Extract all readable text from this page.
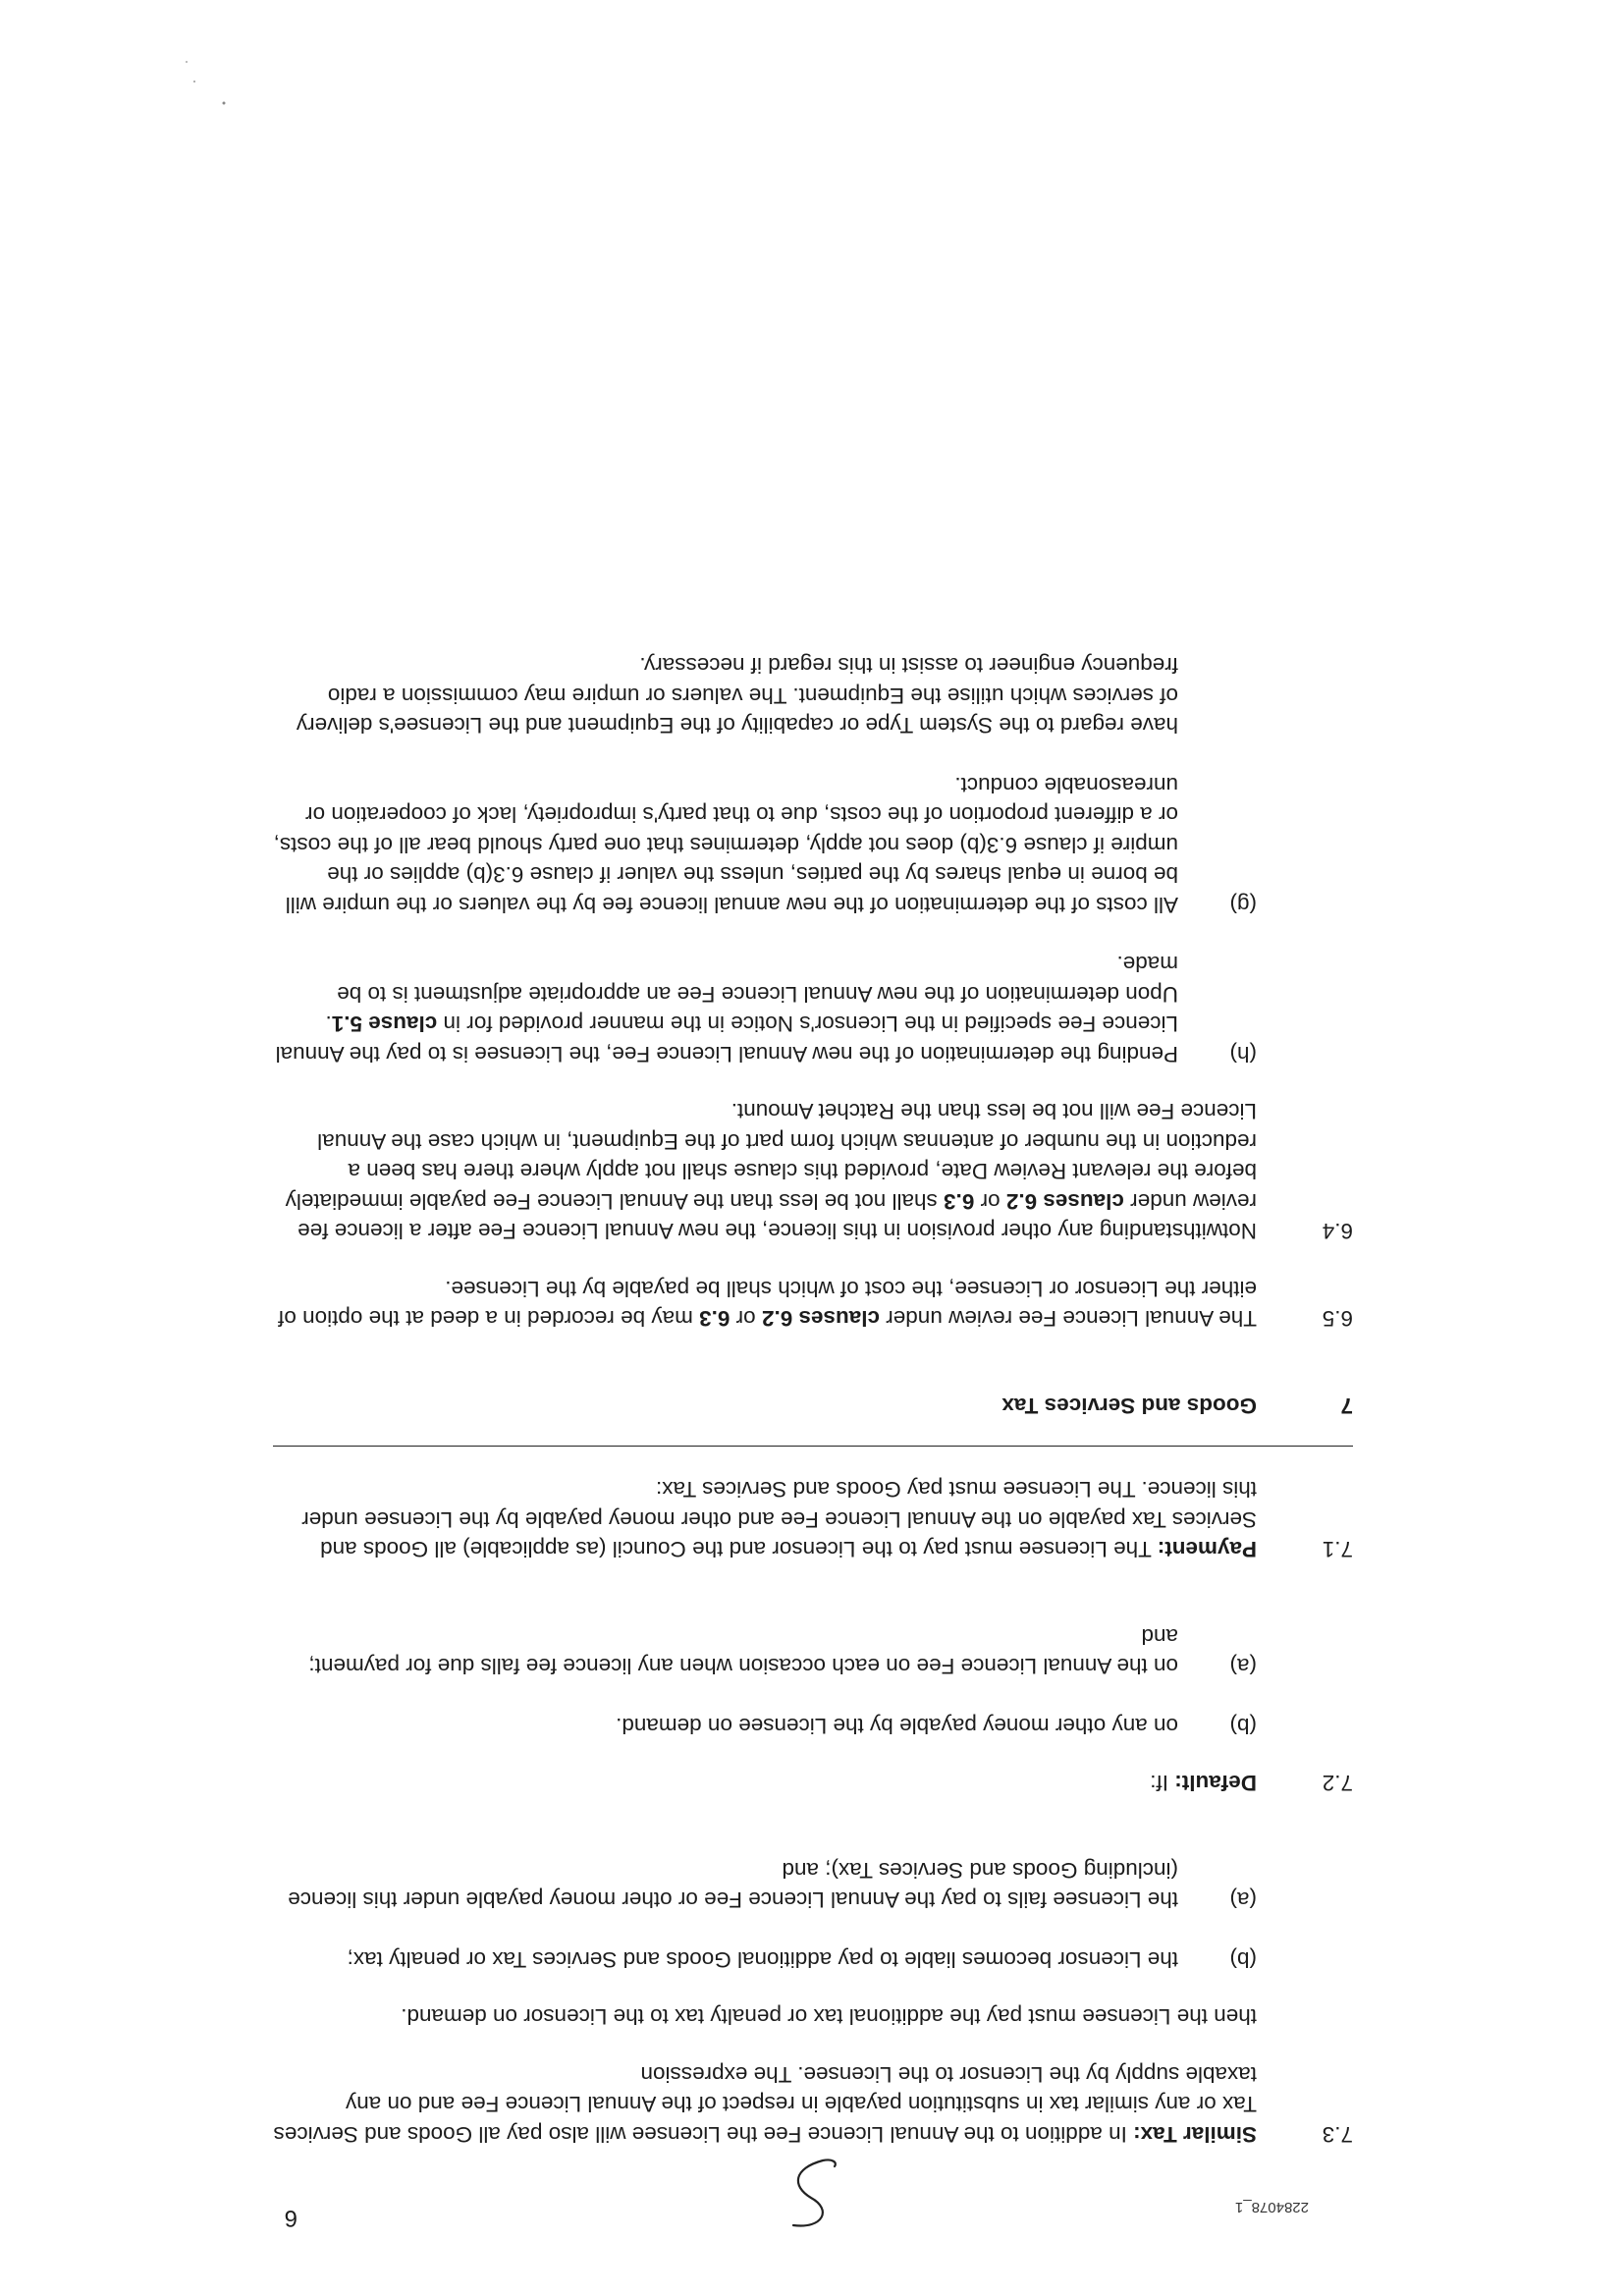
2284078_1
6
7.3
Similar Tax: In addition to the Annual Licence Fee the Licensee will also pay all Goods and Services Tax or any similar tax in substitution payable in respect of the Annual Licence Fee and on any taxable supply by the Licensor to the Licensee. The expression
then the Licensee must pay the additional tax or penalty tax to the Licensor on demand.
(b)
the Licensor becomes liable to pay additional Goods and Services Tax or penalty tax;
(a)
the Licensee fails to pay the Annual Licence Fee or other money payable under this licence (including Goods and Services Tax); and
7.2
Default: If:
(b)
on any other money payable by the Licensee on demand.
(a)
on the Annual Licence Fee on each occasion when any licence fee falls due for payment; and
7.1
Payment: The Licensee must pay to the Licensor and the Council (as applicable) all Goods and Services Tax payable on the Annual Licence Fee and other money payable by the Licensee under this licence. The Licensee must pay Goods and Services Tax:
7
Goods and Services Tax
6.5
The Annual Licence Fee review under clauses 6.2 or 6.3 may be recorded in a deed at the option of either the Licensor or Licensee, the cost of which shall be payable by the Licensee.
6.4
Notwithstanding any other provision in this licence, the new Annual Licence Fee after a licence fee review under clauses 6.2 or 6.3 shall not be less than the Annual Licence Fee payable immediately before the relevant Review Date, provided this clause shall not apply where there has been a reduction in the number of antennas which form part of the Equipment, in which case the Annual Licence Fee will not be less than the Ratchet Amount.
(h)
Pending the determination of the new Annual Licence Fee, the Licensee is to pay the Annual Licence Fee specified in the Licensor's Notice in the manner provided for in clause 5.1. Upon determination of the new Annual Licence Fee an appropriate adjustment is to be made.
(g)
All costs of the determination of the new annual licence fee by the valuers or the umpire will be borne in equal shares by the parties, unless the valuer if clause 6.3(b) applies or the umpire if clause 6.3(b) does not apply, determines that one party should bear all of the costs, or a different proportion of the costs, due to that party's impropriety, lack of cooperation or unreasonable conduct.
have regard to the System Type or capability of the Equipment and the Licensee's delivery of services which utilise the Equipment. The valuers or umpire may commission a radio frequency engineer to assist in this regard if necessary.
